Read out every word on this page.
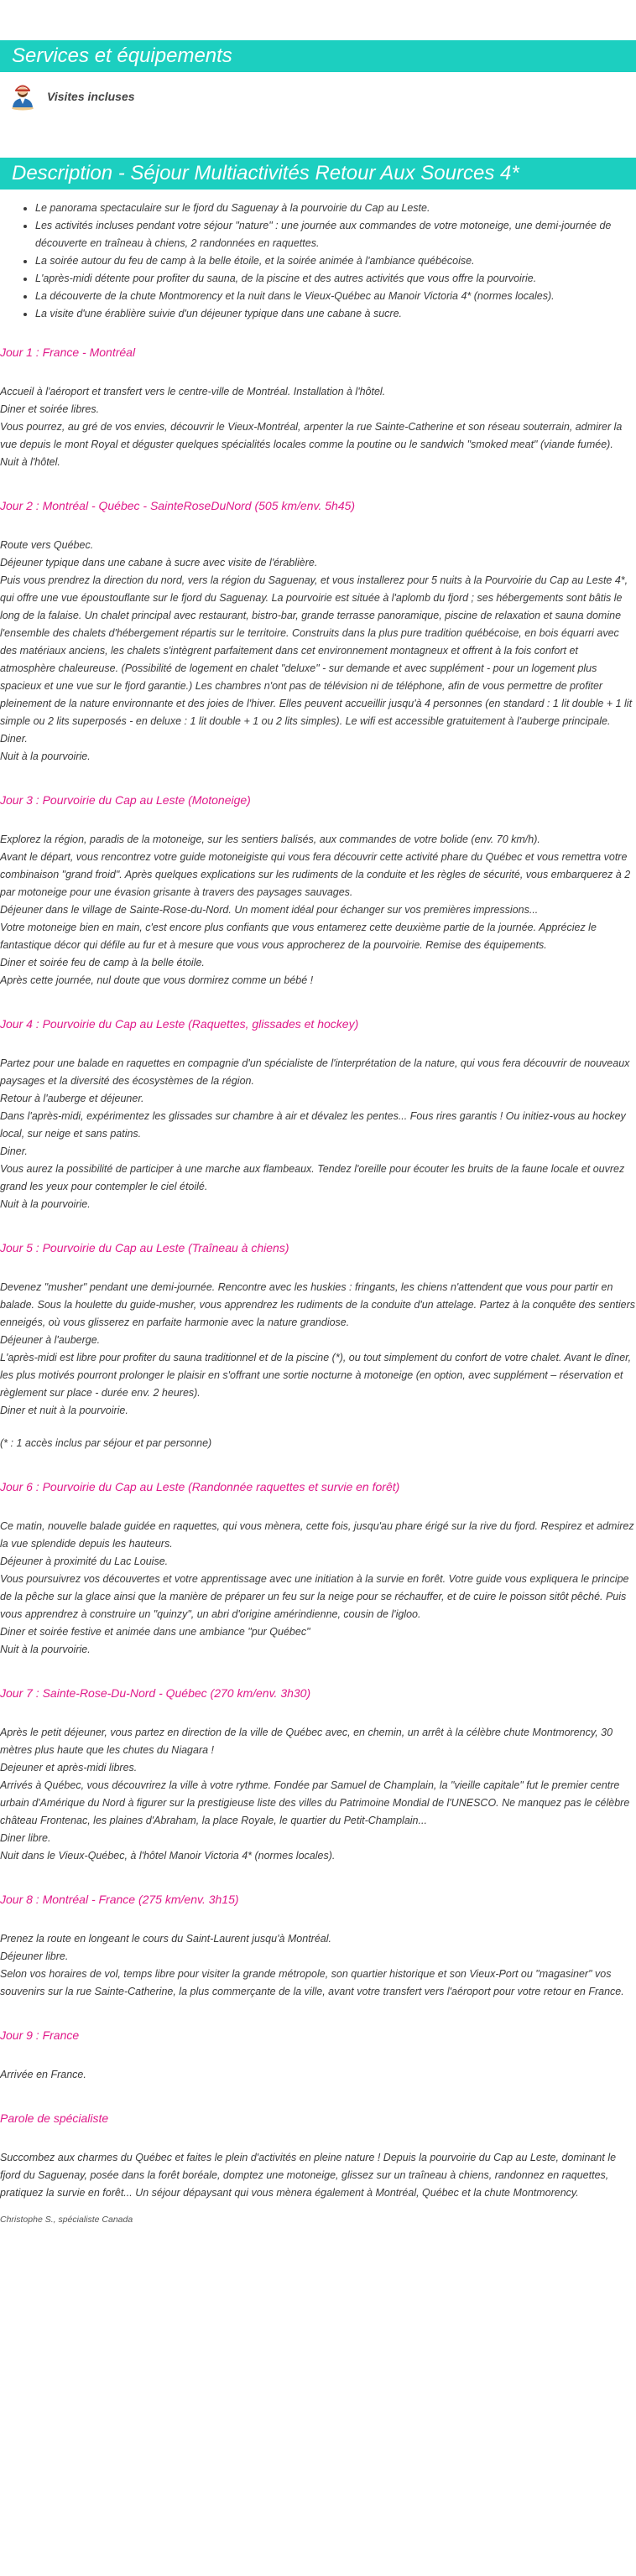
Services et équipements
Visites incluses
Description - Séjour Multiactivités Retour Aux Sources 4*
• Le panorama spectaculaire sur le fjord du Saguenay à la pourvoirie du Cap au Leste.
• Les activités incluses pendant votre séjour "nature" : une journée aux commandes de votre motoneige, une demi-journée de découverte en traîneau à chiens, 2 randonnées en raquettes.
• La soirée autour du feu de camp à la belle étoile, et la soirée animée à l'ambiance québécoise.
• L'après-midi détente pour profiter du sauna, de la piscine et des autres activités que vous offre la pourvoirie.
• La découverte de la chute Montmorency et la nuit dans le Vieux-Québec au Manoir Victoria 4* (normes locales).
• La visite d'une érablière suivie d'un déjeuner typique dans une cabane à sucre.
Jour 1 : France - Montréal

Accueil à l'aéroport et transfert vers le centre-ville de Montréal. Installation à l'hôtel.

Diner et soirée libres.

Vous pourrez, au gré de vos envies, découvrir le Vieux-Montréal, arpenter la rue Sainte-Catherine et son réseau souterrain, admirer la vue depuis le mont Royal et déguster quelques spécialités locales comme la poutine ou le sandwich "smoked meat" (viande fumée).

Nuit à l'hôtel.

Jour 2 : Montréal - Québec - SainteRoseDuNord (505 km/env. 5h45)

Route vers Québec.

Déjeuner typique dans une cabane à sucre avec visite de l'érablière.

Puis vous prendrez la direction du nord, vers la région du Saguenay, et vous installerez pour 5 nuits à la Pourvoirie du Cap au Leste 4*, qui offre une vue époustouflante sur le fjord du Saguenay. La pourvoirie est située à l'aplomb du fjord ; ses hébergements sont bâtis le long de la falaise. Un chalet principal avec restaurant, bistro-bar, grande terrasse panoramique, piscine de relaxation et sauna domine l'ensemble des chalets d'hébergement répartis sur le territoire. Construits dans la plus pure tradition québécoise, en bois équarri avec des matériaux anciens, les chalets s'intègrent parfaitement dans cet environnement montagneux et offrent à la fois confort et atmosphère chaleureuse. (Possibilité de logement en chalet "deluxe" - sur demande et avec supplément - pour un logement plus spacieux et une vue sur le fjord garantie.) Les chambres n'ont pas de télévision ni de téléphone, afin de vous permettre de profiter pleinement de la nature environnante et des joies de l'hiver. Elles peuvent accueillir jusqu'à 4 personnes (en standard : 1 lit double + 1 lit simple ou 2 lits superposés - en deluxe : 1 lit double + 1 ou 2 lits simples). Le wifi est accessible gratuitement à l'auberge principale.

Diner.

Nuit à la pourvoirie.

Jour 3 : Pourvoirie du Cap au Leste (Motoneige)

Explorez la région, paradis de la motoneige, sur les sentiers balisés, aux commandes de votre bolide (env. 70 km/h).

Avant le départ, vous rencontrez votre guide motoneigiste qui vous fera découvrir cette activité phare du Québec et vous remettra votre combinaison "grand froid". Après quelques explications sur les rudiments de la conduite et les règles de sécurité, vous embarquerez à 2 par motoneige pour une évasion grisante à travers des paysages sauvages.

Déjeuner dans le village de Sainte-Rose-du-Nord. Un moment idéal pour échanger sur vos premières impressions...

Votre motoneige bien en main, c'est encore plus confiants que vous entamerez cette deuxième partie de la journée. Appréciez le fantastique décor qui défile au fur et à mesure que vous vous approcherez de la pourvoirie. Remise des équipements.

Diner et soirée feu de camp à la belle étoile.

Après cette journée, nul doute que vous dormirez comme un bébé !

Jour 4 : Pourvoirie du Cap au Leste (Raquettes, glissades et hockey)

Partez pour une balade en raquettes en compagnie d'un spécialiste de l'interprétation de la nature, qui vous fera découvrir de nouveaux paysages et la diversité des écosystèmes de la région.

Retour à l'auberge et déjeuner.

Dans l'après-midi, expérimentez les glissades sur chambre à air et dévalez les pentes... Fous rires garantis ! Ou initiez-vous au hockey local, sur neige et sans patins.

Diner.

Vous aurez la possibilité de participer à une marche aux flambeaux. Tendez l'oreille pour écouter les bruits de la faune locale et ouvrez grand les yeux pour contempler le ciel étoilé.

Nuit à la pourvoirie.

Jour 5 : Pourvoirie du Cap au Leste (Traîneau à chiens)

Devenez "musher" pendant une demi-journée. Rencontre avec les huskies : fringants, les chiens n'attendent que vous pour partir en balade. Sous la houlette du guide-musher, vous apprendrez les rudiments de la conduite d'un attelage. Partez à la conquête des sentiers enneigés, où vous glisserez en parfaite harmonie avec la nature grandiose.

Déjeuner à l'auberge.

L'après-midi est libre pour profiter du sauna traditionnel et de la piscine (*), ou tout simplement du confort de votre chalet. Avant le dîner, les plus motivés pourront prolonger le plaisir en s'offrant une sortie nocturne à motoneige (en option, avec supplément – réservation et règlement sur place - durée env. 2 heures).

Diner et nuit à la pourvoirie.

(* : 1 accès inclus par séjour et par personne)
Jour 6 : Pourvoirie du Cap au Leste (Randonnée raquettes et survie en forêt)

Ce matin, nouvelle balade guidée en raquettes, qui vous mènera, cette fois, jusqu'au phare érigé sur la rive du fjord. Respirez et admirez la vue splendide depuis les hauteurs.

Déjeuner à proximité du Lac Louise.

Vous poursuivrez vos découvertes et votre apprentissage avec une initiation à la survie en forêt. Votre guide vous expliquera le principe de la pêche sur la glace ainsi que la manière de préparer un feu sur la neige pour se réchauffer, et de cuire le poisson sitôt pêché. Puis vous apprendrez à construire un "quinzy", un abri d'origine amérindienne, cousin de l'igloo.

Diner et soirée festive et animée dans une ambiance "pur Québec"

Nuit à la pourvoirie.

Jour 7 : Sainte-Rose-Du-Nord - Québec (270 km/env. 3h30)

Après le petit déjeuner, vous partez en direction de la ville de Québec avec, en chemin, un arrêt à la célèbre chute Montmorency, 30 mètres plus haute que les chutes du Niagara !

Dejeuner et après-midi libres.

Arrivés à Québec, vous découvrirez la ville à votre rythme. Fondée par Samuel de Champlain, la "vieille capitale" fut le premier centre urbain d'Amérique du Nord à figurer sur la prestigieuse liste des villes du Patrimoine Mondial de l'UNESCO. Ne manquez pas le célèbre château Frontenac, les plaines d'Abraham, la place Royale, le quartier du Petit-Champlain...

Diner libre.

Nuit dans le Vieux-Québec, à l'hôtel Manoir Victoria 4* (normes locales).

Jour 8 : Montréal - France (275 km/env. 3h15)

Prenez la route en longeant le cours du Saint-Laurent jusqu'à Montréal.

Déjeuner libre.

Selon vos horaires de vol, temps libre pour visiter la grande métropole, son quartier historique et son Vieux-Port ou "magasiner" vos souvenirs sur la rue Sainte-Catherine, la plus commerçante de la ville, avant votre transfert vers l'aéroport pour votre retour en France.

Jour 9 : France

Arrivée en France.

Parole de spécialiste

Succombez aux charmes du Québec et faites le plein d'activités en pleine nature ! Depuis la pourvoirie du Cap au Leste, dominant le fjord du Saguenay, posée dans la forêt boréale, domptez une motoneige, glissez sur un traîneau à chiens, randonnez en raquettes, pratiquez la survie en forêt... Un séjour dépaysant qui vous mènera également à Montréal, Québec et la chute Montmorency.

Christophe S., spécialiste Canada
